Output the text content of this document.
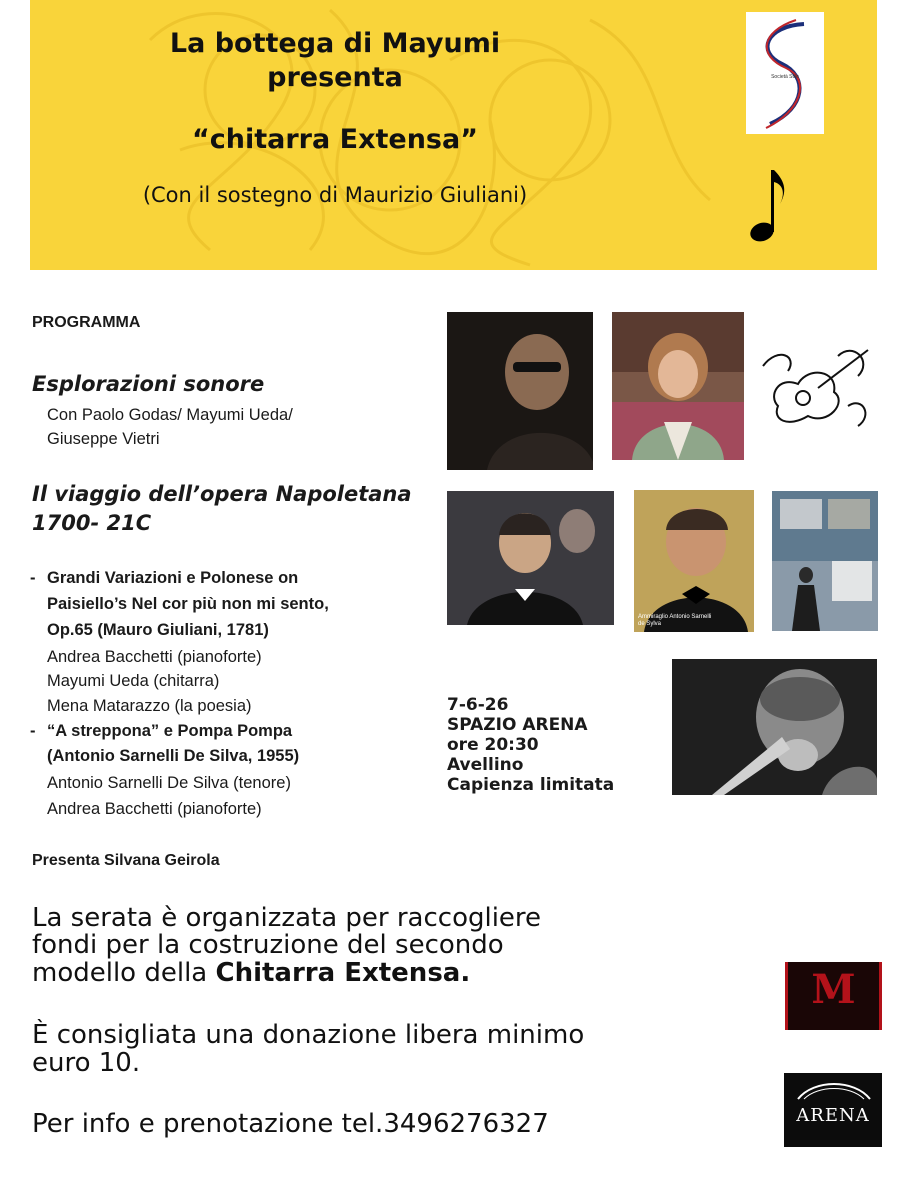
La bottega di Mayumi
presenta
“chitarra Extensa”
(Con il sostegno di Maurizio Giuliani)
Società Stile
PROGRAMMA
Esplorazioni sonore
Con Paolo Godas/ Mayumi Ueda/
Giuseppe Vietri
Il viaggio dell’opera Napoletana
1700- 21C
- Grandi Variazioni e Polonese on
Paisiello’s Nel cor più non mi sento,
Op.65 (Mauro Giuliani, 1781)
Andrea Bacchetti (pianoforte)
Mayumi Ueda (chitarra)
Mena Matarazzo (la poesia)
- “A streppona” e Pompa Pompa
(Antonio Sarnelli De Silva, 1955)
Antonio Sarnelli De Silva (tenore)
Andrea Bacchetti (pianoforte)
Presenta Silvana Geirola
Ammiraglio Antonio Sarnelli de Sylva
7-6-26
SPAZIO ARENA
ore 20:30
Avellino
Capienza limitata
La serata è organizzata per raccogliere
fondi per la costruzione del secondo
modello della Chitarra Extensa.
È consigliata una donazione libera minimo
euro 10.
Per info e prenotazione tel.3496276327
M
ARENA
